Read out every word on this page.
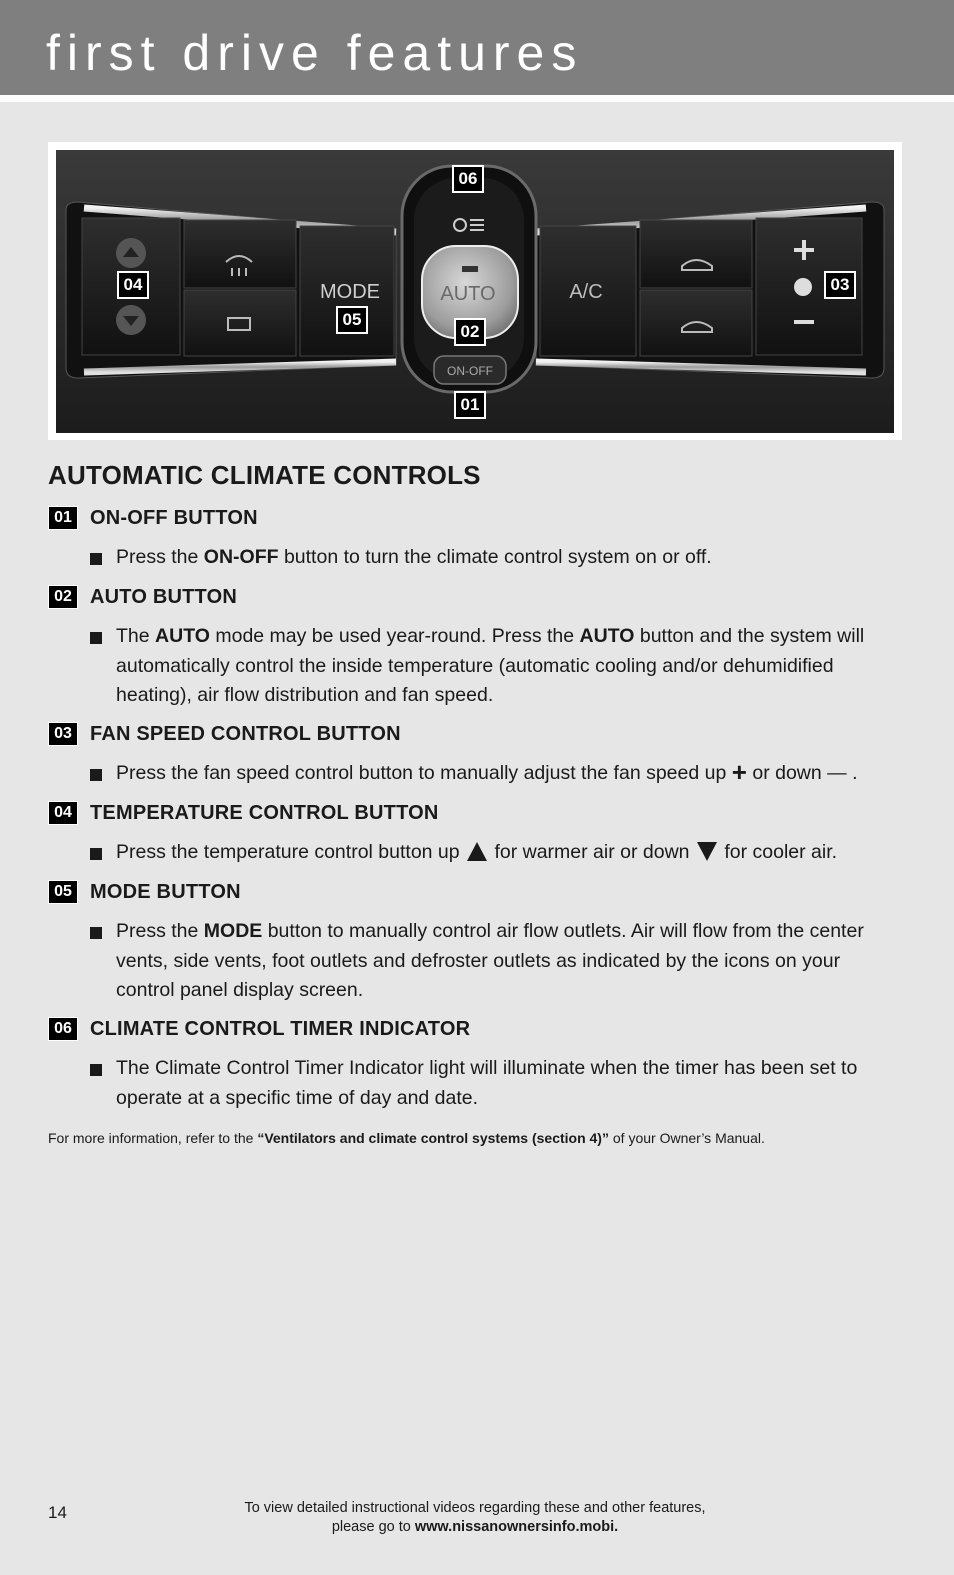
first drive features
MODE	AUTO
ON-OFF
A/C
06
04	03
05
02
01
AUTOMATIC CLIMATE CONTROLS
01 ON-OFF BUTTON
Press the ON-OFF button to turn the climate control system on or off.
02 AUTO BUTTON
The AUTO mode may be used year-round. Press the AUTO button and the system will automatically control the inside temperature (automatic cooling and/or dehumidified heating), air flow distribution and fan speed.
03 FAN SPEED CONTROL BUTTON
Press the fan speed control button to manually adjust the fan speed up + or down — .
04 TEMPERATURE CONTROL BUTTON
Press the temperature control button up  for warmer air or down  for cooler air.
05 MODE BUTTON
Press the MODE button to manually control air flow outlets. Air will flow from the center vents, side vents, foot outlets and defroster outlets as indicated by the icons on your control panel display screen.
06 CLIMATE CONTROL TIMER INDICATOR
The Climate Control Timer Indicator light will illuminate when the timer has been set to operate at a specific time of day and date.
For more information, refer to the “Ventilators and climate control systems (section 4)” of your Owner’s Manual.
14	To view detailed instructional videos regarding these and other features,
please go to www.nissanownersinfo.mobi.
